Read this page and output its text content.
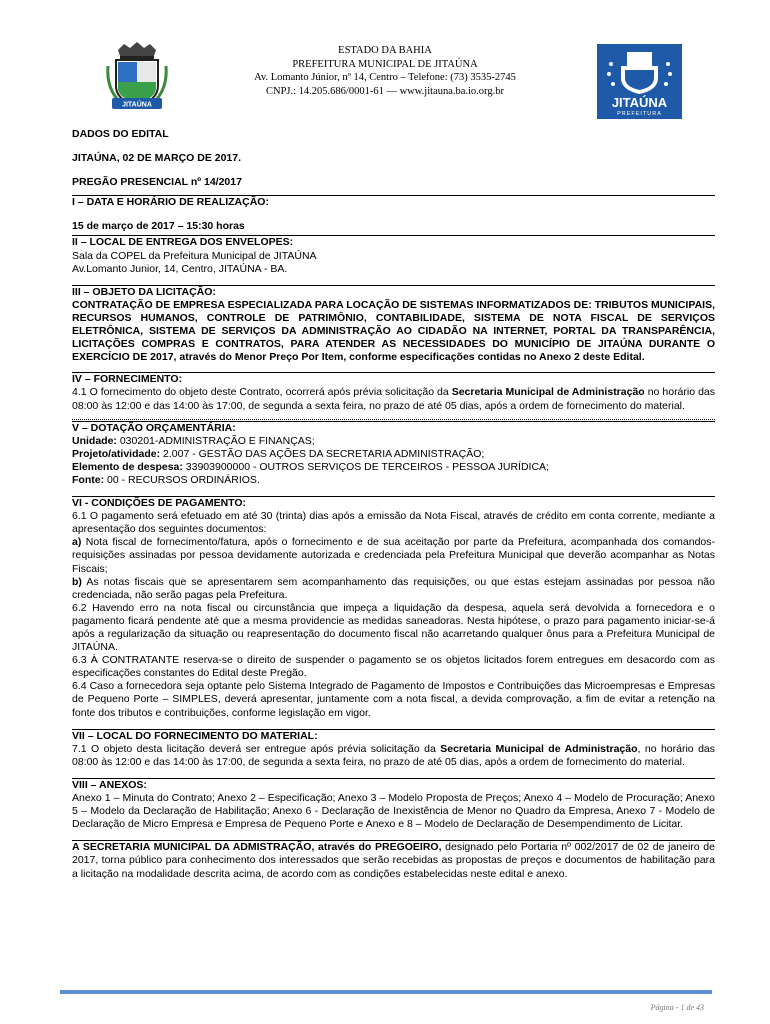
JITAÚNA
ESTADO DA BAHIA
PREFEITURA MUNICIPAL DE JITAÚNA
Av. Lomanto Júnior, nº 14, Centro – Telefone: (73) 3535-2745
CNPJ.: 14.205.686/0001-61 — www.jitauna.ba.io.org.br
JITAÚNA
PREFEITURA

DADOS DO EDITAL

JITAÚNA, 02 DE MARÇO DE 2017.

PREGÃO PRESENCIAL nº 14/2017

I – DATA E HORÁRIO DE REALIZAÇÃO:

15 de março de 2017 – 15:30 horas

II – LOCAL DE ENTREGA DOS ENVELOPES:

Sala da COPEL da Prefeitura Municipal de JITAÚNA

Av.Lomanto Junior, 14, Centro, JITAÚNA - BA.

III – OBJETO DA LICITAÇÃO:

CONTRATAÇÃO DE EMPRESA ESPECIALIZADA PARA LOCAÇÃO DE SISTEMAS INFORMATIZADOS DE: TRIBUTOS MUNICIPAIS, RECURSOS HUMANOS, CONTROLE DE PATRIMÔNIO, CONTABILIDADE, SISTEMA DE NOTA FISCAL DE SERVIÇOS ELETRÔNICA, SISTEMA DE SERVIÇOS DA ADMINISTRAÇÃO AO CIDADÃO NA INTERNET, PORTAL DA TRANSPARÊNCIA, LICITAÇÕES COMPRAS E CONTRATOS, PARA ATENDER AS NECESSIDADES DO MUNICÍPIO DE JITAÚNA DURANTE O EXERCÍCIO DE 2017, através do Menor Preço Por Item, conforme especificações contidas no Anexo 2 deste Edital.

IV – FORNECIMENTO:

4.1 O fornecimento do objeto deste Contrato, ocorrerá após prévia solicitação da Secretaria Municipal de Administração no horário das 08:00 às 12:00 e das 14:00 às 17:00, de segunda a sexta feira, no prazo de até 05 dias, após a ordem de fornecimento do material.

V – DOTAÇÃO ORÇAMENTÁRIA:

Unidade: 030201-ADMINISTRAÇÃO E FINANÇAS;

Projeto/atividade: 2.007 - GESTÃO DAS AÇÕES DA SECRETARIA ADMINISTRAÇÃO;

Elemento de despesa: 33903900000 - OUTROS SERVIÇOS DE TERCEIROS - PESSOA JURÍDICA;

Fonte: 00 - RECURSOS ORDINÁRIOS.

VI - CONDIÇÕES DE PAGAMENTO:

6.1 O pagamento será efetuado em até 30 (trinta) dias após a emissão da Nota Fiscal, através de crédito em conta corrente, mediante a apresentação dos seguintes documentos:

a) Nota fiscal de fornecimento/fatura, após o fornecimento e de sua aceitação por parte da Prefeitura, acompanhada dos comandos-requisições assinadas por pessoa devidamente autorizada e credenciada pela Prefeitura Municipal que deverão acompanhar as Notas Fiscais;

b) As notas fiscais que se apresentarem sem acompanhamento das requisições, ou que estas estejam assinadas por pessoa não credenciada, não serão pagas pela Prefeitura.

6.2 Havendo erro na nota fiscal ou circunstância que impeça a liquidação da despesa, aquela será devolvida a fornecedora e o pagamento ficará pendente até que a mesma providencie as medidas saneadoras. Nesta hipótese, o prazo para pagamento iniciar-se-á após a regularização da situação ou reapresentação do documento fiscal não acarretando qualquer ônus para a Prefeitura Municipal de JITAÚNA.

6.3 À CONTRATANTE reserva-se o direito de suspender o pagamento se os objetos licitados forem entregues em desacordo com as especificações constantes do Edital deste Pregão.

6.4 Caso a fornecedora seja optante pelo Sistema Integrado de Pagamento de Impostos e Contribuições das Microempresas e Empresas de Pequeno Porte – SIMPLES, deverá apresentar, juntamente com a nota fiscal, a devida comprovação, a fim de evitar a retenção na fonte dos tributos e contribuições, conforme legislação em vigor.

VII – LOCAL DO FORNECIMENTO DO MATERIAL:

7.1 O objeto desta licitação deverá ser entregue após prévia solicitação da Secretaria Municipal de Administração, no horário das 08:00 às 12:00 e das 14:00 às 17:00, de segunda a sexta feira, no prazo de até 05 dias, após a ordem de fornecimento do material.

VIII – ANEXOS:

Anexo 1 – Minuta do Contrato; Anexo 2 – Especificação; Anexo 3 – Modelo Proposta de Preços; Anexo 4 – Modelo de Procuração; Anexo 5 – Modelo da Declaração de Habilitação; Anexo 6 - Declaração de Inexistência de Menor no Quadro da Empresa, Anexo 7 - Modelo de Declaração de Micro Empresa e Empresa de Pequeno Porte e Anexo e 8 – Modelo de Declaração de Desempendimento de Licitar.

A SECRETARIA MUNICIPAL DA ADMISTRAÇÃO, através do PREGOEIRO, designado pelo Portaria nº 002/2017 de 02 de janeiro de 2017, torna público para conhecimento dos interessados que serão recebidas as propostas de preços e documentos de habilitação para a licitação na modalidade descrita acima, de acordo com as condições estabelecidas neste edital e anexo.

Página - 1 de 43
